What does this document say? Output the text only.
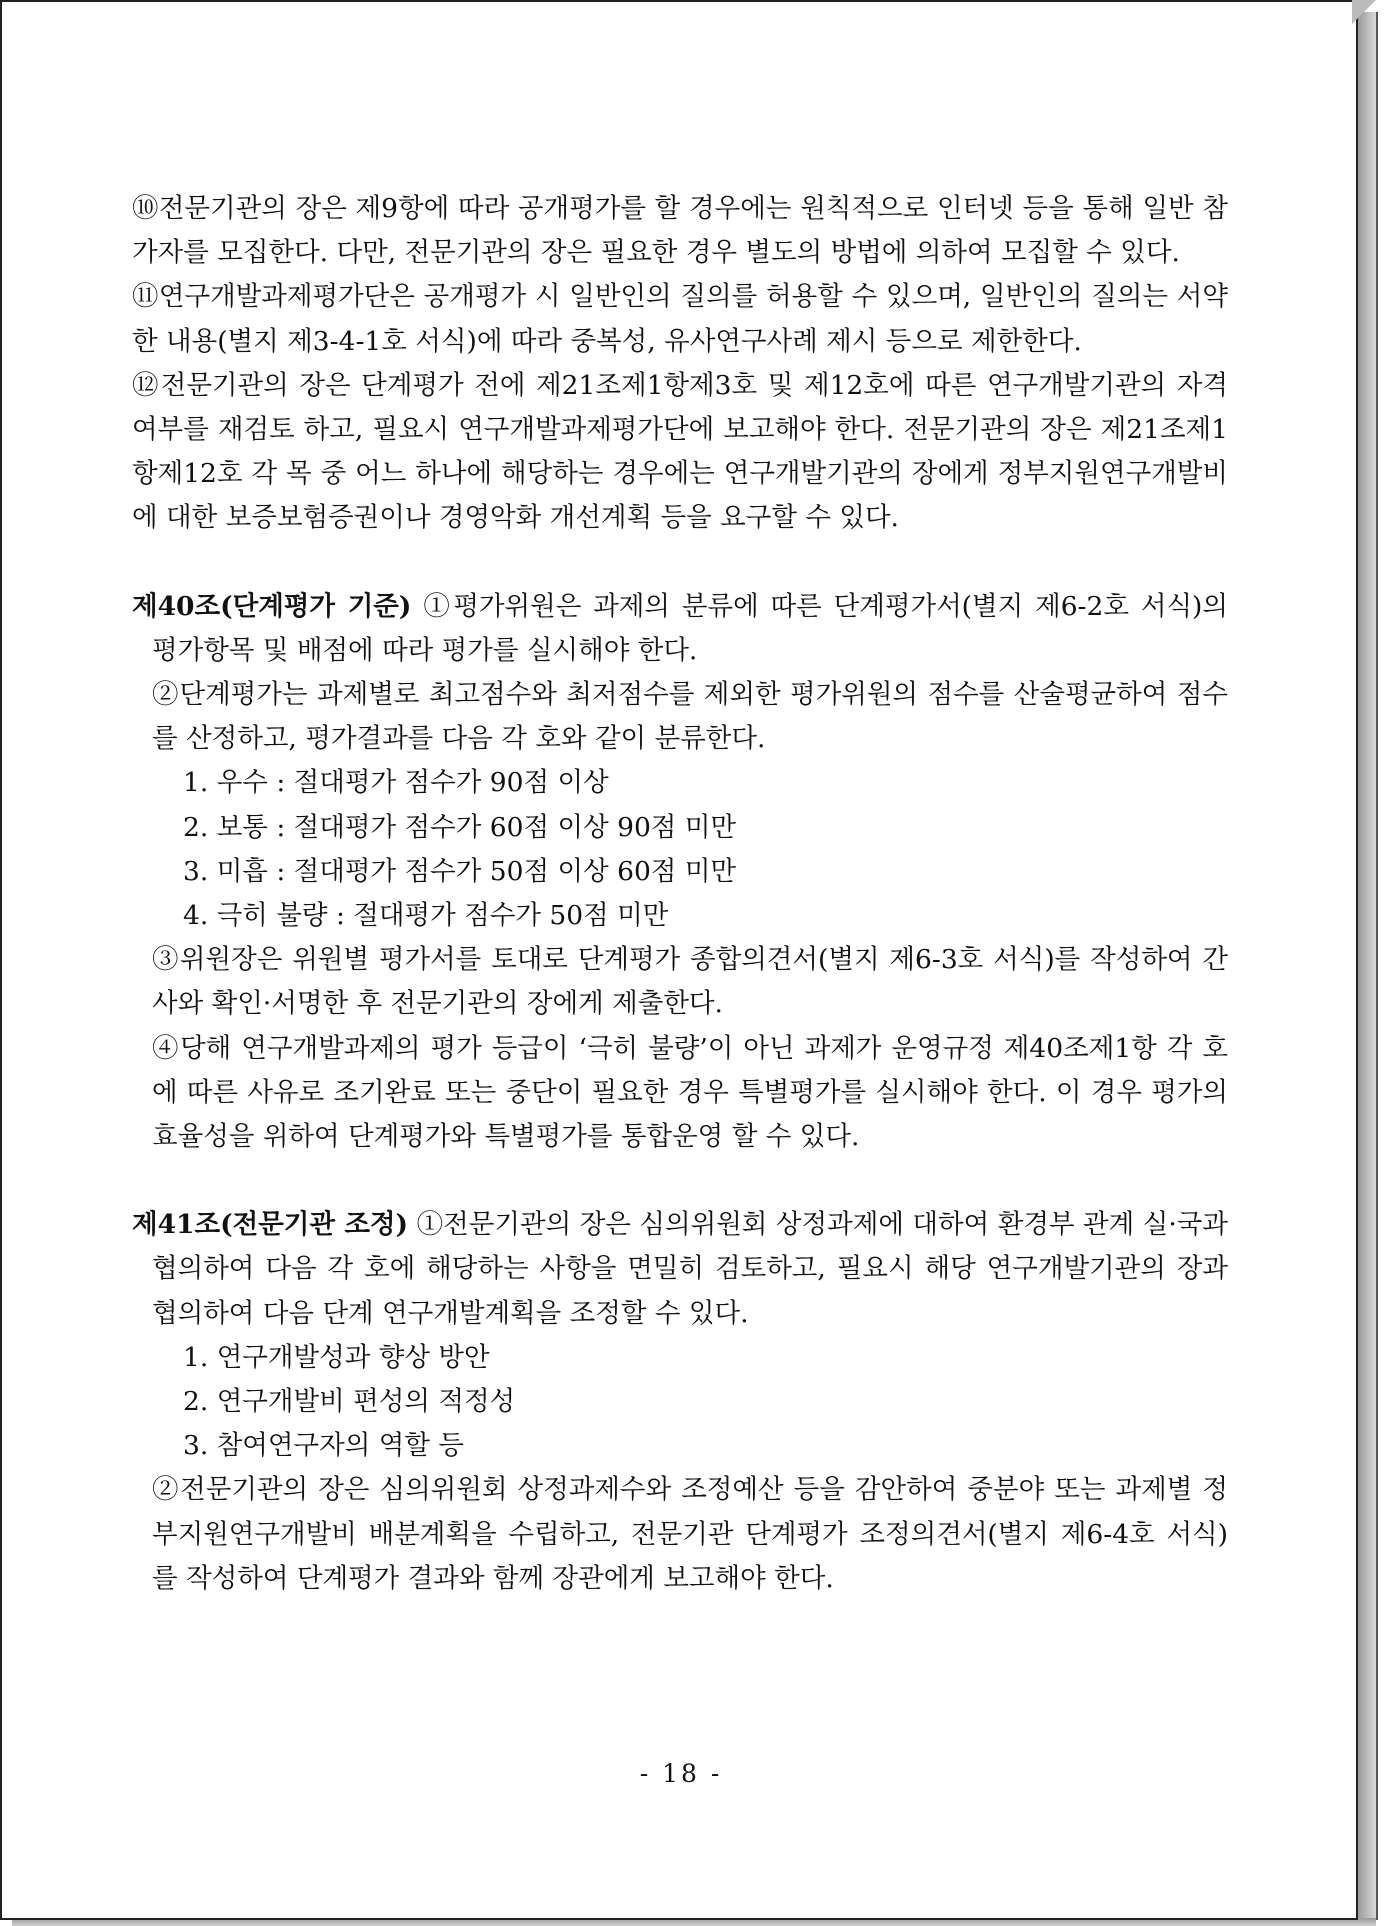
⑩전문기관의 장은 제9항에 따라 공개평가를 할 경우에는 원칙적으로 인터넷 등을 통해 일반 참가자를 모집한다. 다만, 전문기관의 장은 필요한 경우 별도의 방법에 의하여 모집할 수 있다.

⑪연구개발과제평가단은 공개평가 시 일반인의 질의를 허용할 수 있으며, 일반인의 질의는 서약한 내용(별지 제3-4-1호 서식)에 따라 중복성, 유사연구사례 제시 등으로 제한한다.

⑫전문기관의 장은 단계평가 전에 제21조제1항제3호 및 제12호에 따른 연구개발기관의 자격여부를 재검토 하고, 필요시 연구개발과제평가단에 보고해야 한다. 전문기관의 장은 제21조제1항제12호 각 목 중 어느 하나에 해당하는 경우에는 연구개발기관의 장에게 정부지원연구개발비에 대한 보증보험증권이나 경영악화 개선계획 등을 요구할 수 있다.

제40조(단계평가 기준) ①평가위원은 과제의 분류에 따른 단계평가서(별지 제6-2호 서식)의 평가항목 및 배점에 따라 평가를 실시해야 한다.

②단계평가는 과제별로 최고점수와 최저점수를 제외한 평가위원의 점수를 산술평균하여 점수를 산정하고, 평가결과를 다음 각 호와 같이 분류한다.

1. 우수 : 절대평가 점수가 90점 이상

2. 보통 : 절대평가 점수가 60점 이상 90점 미만

3. 미흡 : 절대평가 점수가 50점 이상 60점 미만

4. 극히 불량 : 절대평가 점수가 50점 미만

③위원장은 위원별 평가서를 토대로 단계평가 종합의견서(별지 제6-3호 서식)를 작성하여 간사와 확인·서명한 후 전문기관의 장에게 제출한다.

④당해 연구개발과제의 평가 등급이 ‘극히 불량’이 아닌 과제가 운영규정 제40조제1항 각 호에 따른 사유로 조기완료 또는 중단이 필요한 경우 특별평가를 실시해야 한다. 이 경우 평가의 효율성을 위하여 단계평가와 특별평가를 통합운영 할 수 있다.

제41조(전문기관 조정) ①전문기관의 장은 심의위원회 상정과제에 대하여 환경부 관계 실·국과 협의하여 다음 각 호에 해당하는 사항을 면밀히 검토하고, 필요시 해당 연구개발기관의 장과 협의하여 다음 단계 연구개발계획을 조정할 수 있다.

1. 연구개발성과 향상 방안

2. 연구개발비 편성의 적정성

3. 참여연구자의 역할 등

②전문기관의 장은 심의위원회 상정과제수와 조정예산 등을 감안하여 중분야 또는 과제별 정부지원연구개발비 배분계획을 수립하고, 전문기관 단계평가 조정의견서(별지 제6-4호 서식)를 작성하여 단계평가 결과와 함께 장관에게 보고해야 한다.

- 18 -
